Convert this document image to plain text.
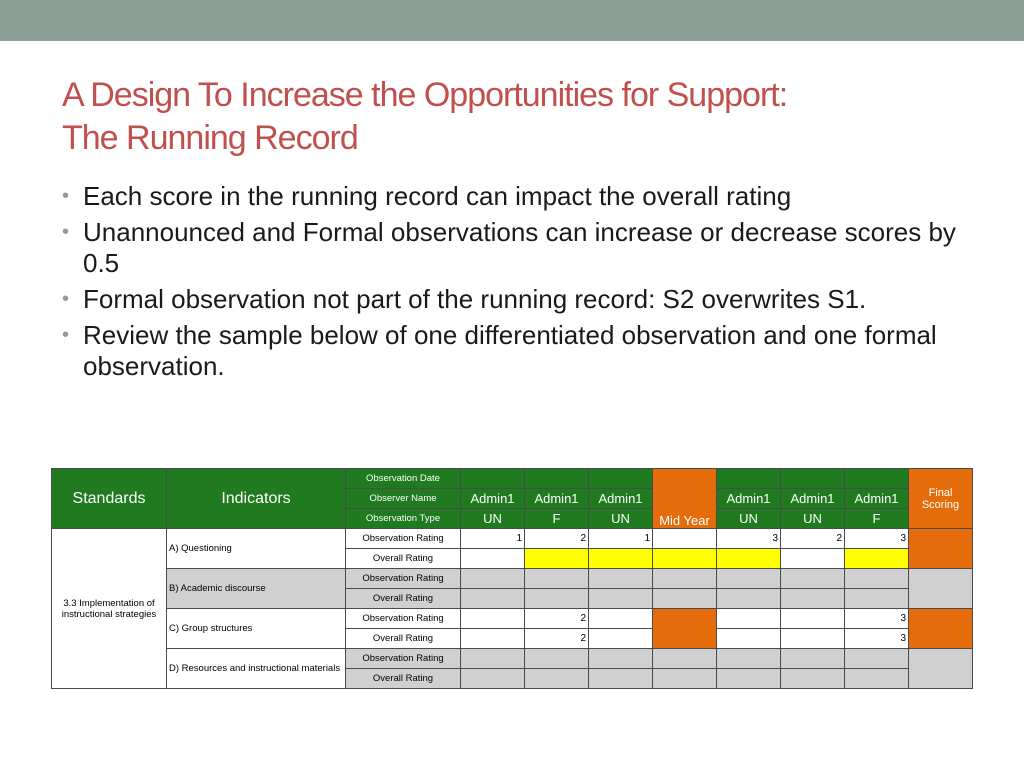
A Design To Increase the Opportunities for Support:
The Running Record
• Each score in the running record can impact the overall rating
• Unannounced and Formal observations can increase or decrease scores by 0.5
• Formal observation not part of the running record: S2 overwrites S1.
• Review the sample below of one differentiated observation and one formal observation.
Standards	Indicators	Observation Date				Mid Year				Final Scoring
		Observer Name	Admin1	Admin1	Admin1		Admin1	Admin1	Admin1	
		Observation Type	UN	F	UN		UN	UN	F	
3.3 Implementation of instructional strategies	A) Questioning	Observation Rating	1	2	1		3	2	3	
		Overall Rating								
	B) Academic discourse	Observation Rating								
		Overall Rating								
	C) Group structures	Observation Rating		2					3	
		Overall Rating		2					3	
	D) Resources and instructional materials	Observation Rating								
		Overall Rating								
